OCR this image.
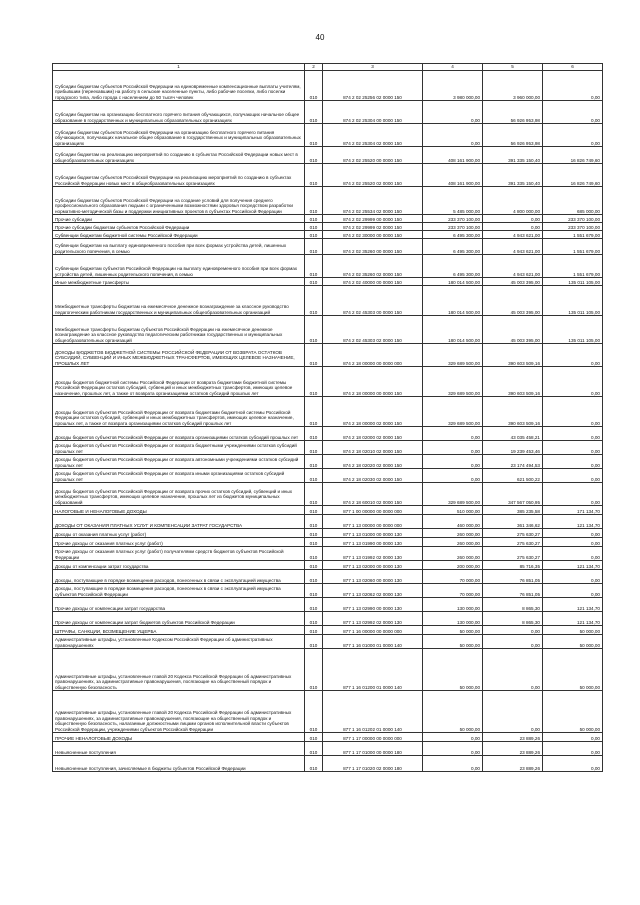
40
1	2	3	4	5	6
Субсидии бюджетам субъектов Российской Федерации на единовременные компенсационные выплаты учителям, прибывшим (переехавшим) на работу в сельские населенные пункты, либо рабочие поселки, либо поселки городского типа, либо города с населением до 50 тысяч человек	010	874 2 02 25256 02 0000 150	3 980 000,00	3 960 000,00	0,00
Субсидии бюджетам на организацию бесплатного горячего питания обучающихся, получающих начальное общее образование в государственных и муниципальных образовательных организациях	010	874 2 02 25304 00 0000 150	0,00	56 926 953,98	0,00
Субсидии бюджетам субъектов Российской Федерации на организацию бесплатного горячего питания обучающихся, получающих начальное общее образование в государственных и муниципальных образовательных организациях	010	874 2 02 25304 02 0000 150	0,00	56 926 953,98	0,00
Субсидии бюджетам на реализацию мероприятий по созданию в субъектах Российской Федерации новых мест в общеобразовательных организациях	010	874 2 02 25520 00 0000 150	408 161 900,00	391 335 150,40	16 826 749,60
Субсидии бюджетам субъектов Российской Федерации на реализацию мероприятий по созданию в субъектах Российской Федерации новых мест в общеобразовательных организациях	010	874 2 02 25520 02 0000 150	408 161 900,00	391 335 150,40	16 826 749,60
Субсидии бюджетам субъектов Российской Федерации на создание условий для получения среднего профессионального образования людьми с ограниченными возможностями здоровья посредством разработки нормативно-методической базы и поддержки инициативных проектов в субъектах Российской Федерации	010	874 2 02 25534 02 0000 150	5 485 000,00	4 800 000,00	685 000,00
Прочие субсидии	010	874 2 02 29999 00 0000 150	233 370 100,00	0,00	233 370 100,00
Прочие субсидии бюджетам субъектов Российской Федерации	010	874 2 02 29999 02 0000 150	233 370 100,00	0,00	233 370 100,00
Субвенции бюджетам бюджетной системы Российской Федерации	010	874 2 02 30000 00 0000 150	6 495 300,00	4 943 621,00	1 551 679,00
Субвенции бюджетам на выплату единовременного пособия при всех формах устройства детей, лишенных родительского попечения, в семью	010	874 2 02 35260 00 0000 150	6 495 300,00	4 943 621,00	1 551 679,00
Субвенции бюджетам субъектов Российской Федерации на выплату единовременного пособия при всех формах устройства детей, лишенных родительского попечения, в семью	010	874 2 02 35260 02 0000 150	6 495 300,00	4 943 621,00	1 551 679,00
Иные межбюджетные трансферты	010	874 2 02 40000 00 0000 150	180 014 500,00	45 003 395,00	135 011 105,00
Межбюджетные трансферты бюджетам на ежемесячное денежное вознаграждение за классное руководство педагогическим работникам государственных и муниципальных общеобразовательных организаций	010	874 2 02 45303 00 0000 150	180 014 500,00	45 003 395,00	135 011 105,00
Межбюджетные трансферты бюджетам субъектов Российской Федерации на ежемесячное денежное вознаграждение за классное руководство педагогическим работникам государственных и муниципальных общеобразовательных организаций	010	874 2 02 45303 02 0000 150	180 014 500,00	45 003 395,00	135 011 105,00
ДОХОДЫ БЮДЖЕТОВ БЮДЖЕТНОЙ СИСТЕМЫ РОССИЙСКОЙ ФЕДЕРАЦИИ ОТ ВОЗВРАТА ОСТАТКОВ СУБСИДИЙ, СУБВЕНЦИЙ И ИНЫХ МЕЖБЮДЖЕТНЫХ ТРАНСФЕРТОВ, ИМЕЮЩИХ ЦЕЛЕВОЕ НАЗНАЧЕНИЕ, ПРОШЛЫХ ЛЕТ	010	874 2 18 00000 00 0000 000	329 689 500,00	390 603 509,16	0,00
Доходы бюджетов бюджетной системы Российской Федерации от возврата бюджетами бюджетной системы Российской Федерации остатков субсидий, субвенций и иных межбюджетных трансфертов, имеющих целевое назначение, прошлых лет, а также от возврата организациями остатков субсидий прошлых лет	010	874 2 18 00000 00 0000 150	329 689 500,00	390 603 509,16	0,00
Доходы бюджетов субъектов Российской Федерации от возврата бюджетами бюджетной системы Российской Федерации остатков субсидий, субвенций и иных межбюджетных трансфертов, имеющих целевое назначение, прошлых лет, а также от возврата организациями остатков субсидий прошлых лет	010	874 2 18 00000 02 0000 150	329 689 500,00	390 603 509,16	0,00
Доходы бюджетов субъектов Российской Федерации от возврата организациями остатков субсидий прошлых лет	010	874 2 18 02000 02 0000 150	0,00	43 035 458,21	0,00
Доходы бюджетов субъектов Российской Федерации от возврата бюджетными учреждениями остатков субсидий прошлых лет	010	874 2 18 02010 02 0000 150	0,00	19 239 453,46	0,00
Доходы бюджетов субъектов Российской Федерации от возврата автономными учреждениями остатков субсидий прошлых лет	010	874 2 18 02020 02 0000 150	0,00	23 174 494,53	0,00
Доходы бюджетов субъектов Российской Федерации от возврата иными организациями остатков субсидий прошлых лет	010	874 2 18 02030 02 0000 150	0,00	621 500,22	0,00
Доходы бюджетов субъектов Российской Федерации от возврата прочих остатков субсидий, субвенций и иных межбюджетных трансфертов, имеющих целевое назначение, прошлых лет из бюджетов муниципальных образований	010	874 2 18 60010 02 0000 150	329 689 500,00	347 567 050,95	0,00
НАЛОГОВЫЕ И НЕНАЛОГОВЫЕ ДОХОДЫ	010	877 1 00 00000 00 0000 000	510 000,00	385 235,58	171 134,70
ДОХОДЫ ОТ ОКАЗАНИЯ ПЛАТНЫХ УСЛУГ И КОМПЕНСАЦИИ ЗАТРАТ ГОСУДАРСТВА	010	877 1 13 00000 00 0000 000	460 000,00	361 346,62	121 134,70
Доходы от оказания платных услуг (работ)	010	877 1 13 01000 00 0000 130	260 000,00	275 630,27	0,00
Прочие доходы от оказания платных услуг (работ)	010	877 1 13 01990 00 0000 130	260 000,00	275 630,27	0,00
Прочие доходы от оказания платных услуг (работ) получателями средств бюджетов субъектов Российской Федерации	010	877 1 13 01992 02 0000 130	260 000,00	275 630,27	0,00
Доходы от компенсации затрат государства	010	877 1 13 02000 00 0000 130	200 000,00	85 716,35	121 134,70
Доходы, поступающие в порядке возмещения расходов, понесенных в связи с эксплуатацией имущества	010	877 1 13 02060 00 0000 130	70 000,00	76 851,05	0,00
Доходы, поступающие в порядке возмещения расходов, понесенных в связи с эксплуатацией имущества субъектов Российской Федерации	010	877 1 13 02062 02 0000 130	70 000,00	76 851,05	0,00
Прочие доходы от компенсации затрат государства	010	877 1 13 02990 00 0000 130	130 000,00	8 865,30	121 134,70
Прочие доходы от компенсации затрат бюджетов субъектов Российской Федерации	010	877 1 13 02992 02 0000 130	130 000,00	8 865,30	121 134,70
ШТРАФЫ, САНКЦИИ, ВОЗМЕЩЕНИЕ УЩЕРБА	010	877 1 16 00000 00 0000 000	50 000,00	0,00	50 000,00
Административные штрафы, установленные Кодексом Российской Федерации об административных правонарушениях	010	877 1 16 01000 01 0000 140	50 000,00	0,00	50 000,00
Административные штрафы, установленные главой 20 Кодекса Российской Федерации об административных правонарушениях, за административные правонарушения, посягающие на общественный порядок и общественную безопасность	010	877 1 16 01200 01 0000 140	50 000,00	0,00	50 000,00
Административные штрафы, установленные главой 20 Кодекса Российской Федерации об административных правонарушениях, за административные правонарушения, посягающие на общественный порядок и общественную безопасность, налагаемые должностными лицами органов исполнительной власти субъектов Российской Федерации, учреждениями субъектов Российской Федерации	010	877 1 16 01202 01 0000 140	50 000,00	0,00	50 000,00
ПРОЧИЕ НЕНАЛОГОВЫЕ ДОХОДЫ	010	877 1 17 00000 00 0000 000	0,00	23 889,26	0,00
Невыясненные поступления	010	877 1 17 01000 00 0000 180	0,00	23 889,26	0,00
Невыясненные поступления, зачисляемые в бюджеты субъектов Российской Федерации	010	877 1 17 01020 02 0000 180	0,00	23 889,26	0,00
